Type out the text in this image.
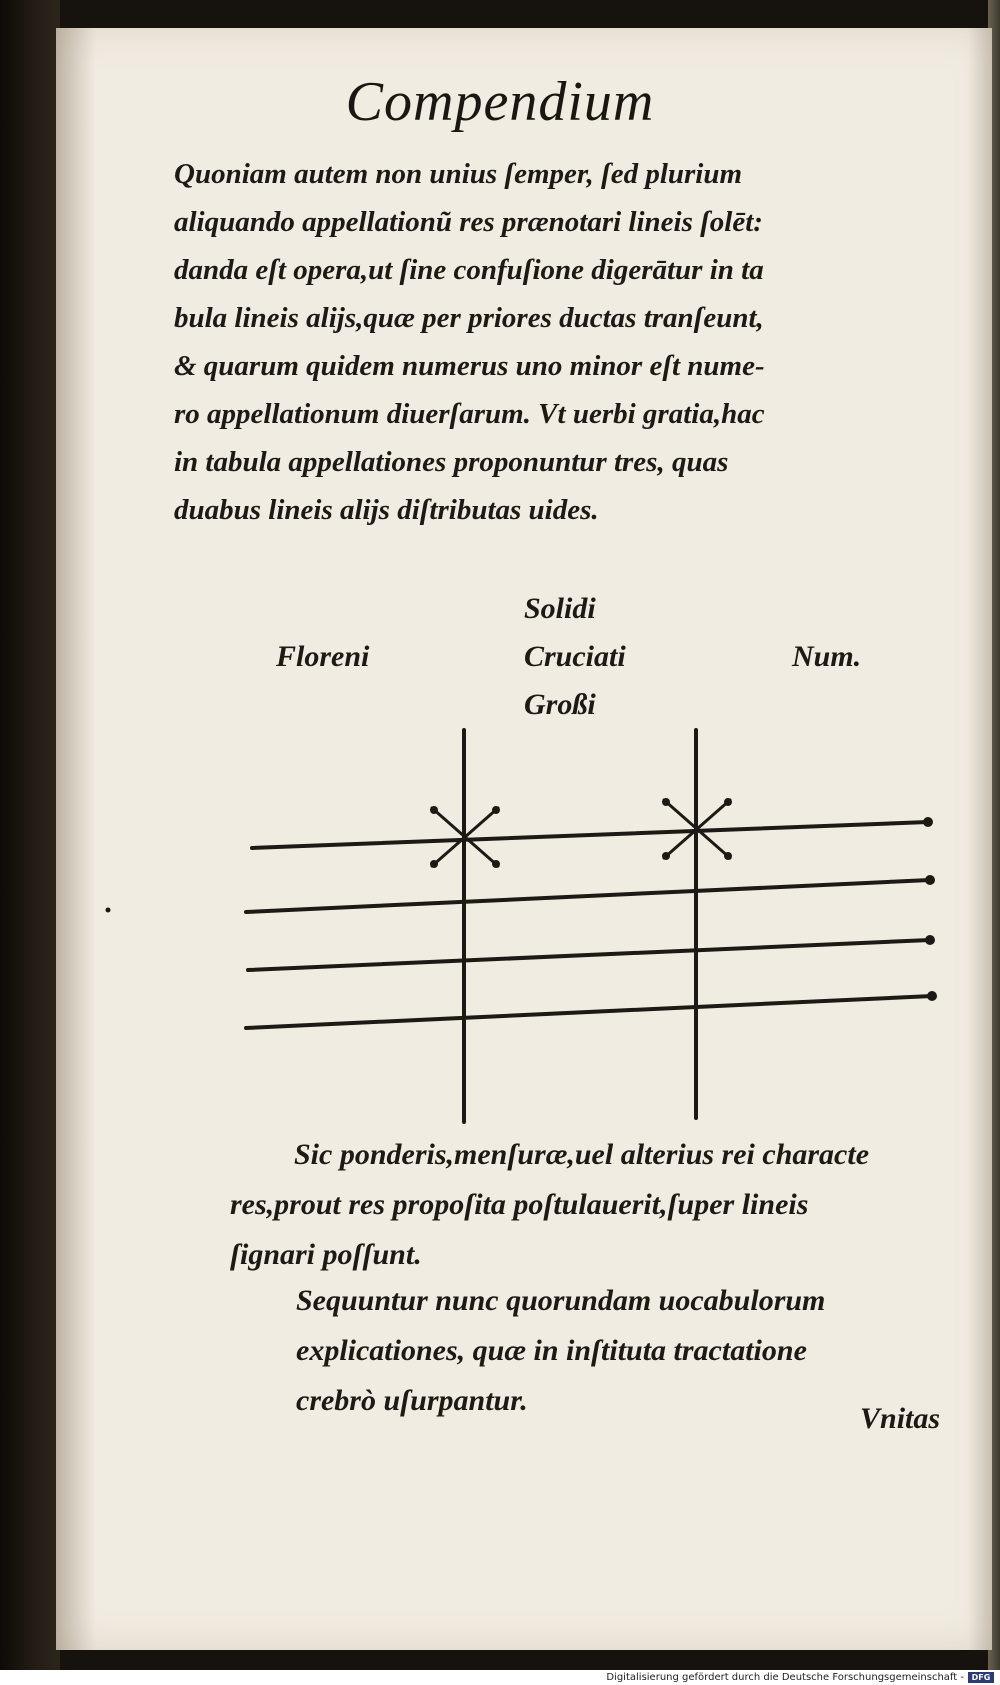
Compendium
Quoniam autem non unius ſemper, ſed plurium
aliquando appellationũ res prænotari lineis ſolēt:
danda eſt opera,ut ſine confuſione digerātur in ta
bula lineis alijs,quæ per priores ductas tranſeunt,
& quarum quidem numerus uno minor eſt nume-
ro appellationum diuerſarum. Vt uerbi gratia,hac
in tabula appellationes proponuntur tres, quas
duabus lineis alijs diſtributas uides.
Floreni
Solidi
Cruciati
Großi
Num.
Sic ponderis,menſuræ,uel alterius rei characte
res,prout res propoſita poſtulauerit,ſuper lineis
ſignari poſſunt.
Sequuntur nunc quorundam uocabulorum
explicationes, quæ in inſtituta tractatione
crebrò uſurpantur.
Vnitas
Digitalisierung gefördert durch die Deutsche Forschungsgemeinschaft - DFG
